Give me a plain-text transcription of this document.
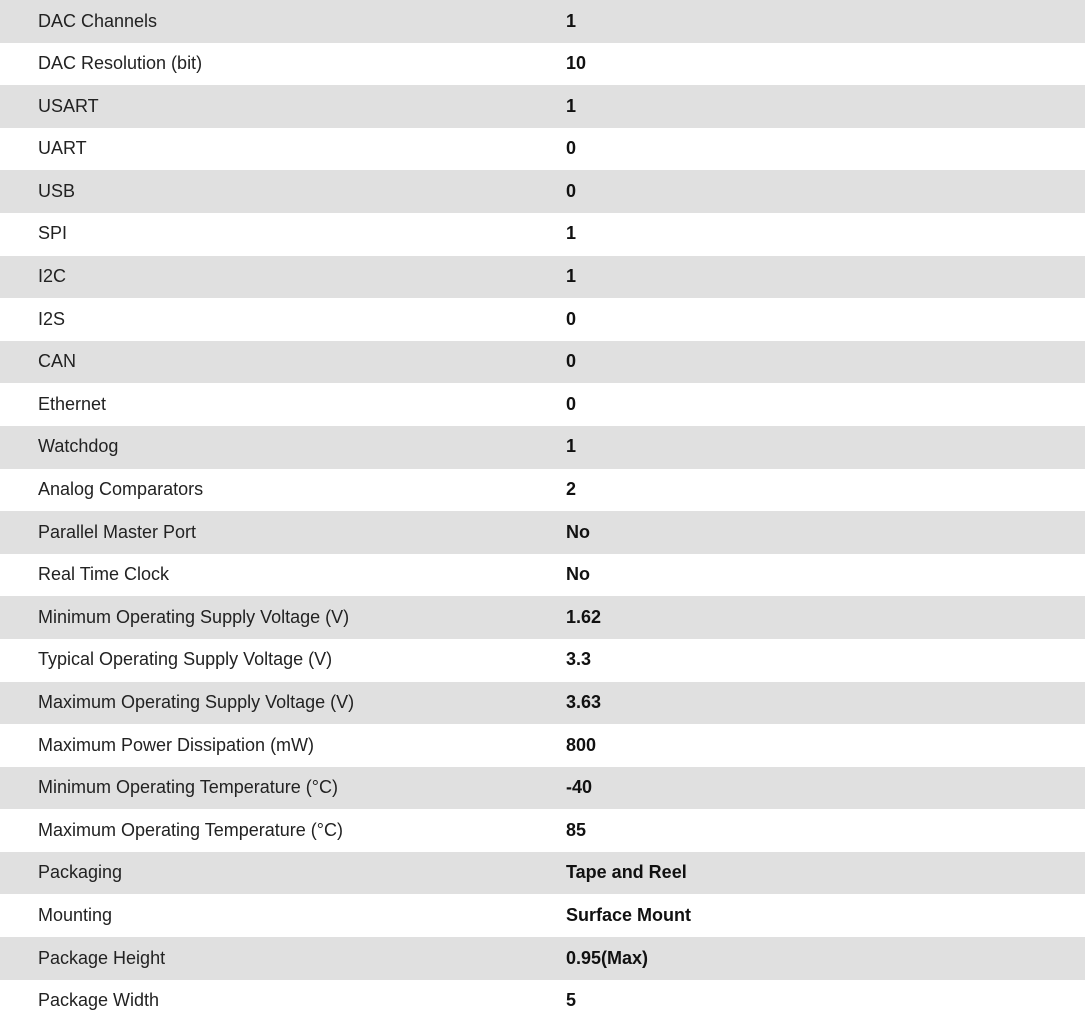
DAC Channels	1
DAC Resolution (bit)	10
USART	1
UART	0
USB	0
SPI	1
I2C	1
I2S	0
CAN	0
Ethernet	0
Watchdog	1
Analog Comparators	2
Parallel Master Port	No
Real Time Clock	No
Minimum Operating Supply Voltage (V)	1.62
Typical Operating Supply Voltage (V)	3.3
Maximum Operating Supply Voltage (V)	3.63
Maximum Power Dissipation (mW)	800
Minimum Operating Temperature (°C)	-40
Maximum Operating Temperature (°C)	85
Packaging	Tape and Reel
Mounting	Surface Mount
Package Height	0.95(Max)
Package Width	5
